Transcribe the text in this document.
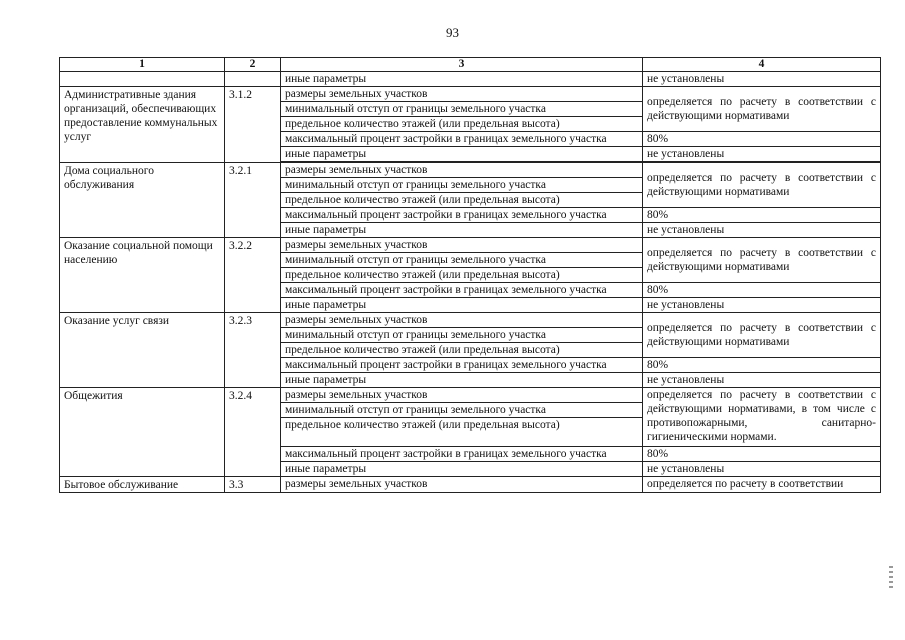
93
1	2	3	4
		иные параметры	не установлены
Административные здания организаций, обеспечивающих предоставление коммунальных услуг	3.1.2	размеры земельных участков	определяется по расчету в соответствии с действующими нормативами
		минимальный отступ от границы земельного участка	
		предельное количество этажей (или предельная высота)	
		максимальный процент застройки в границах земельного участка	80%
		иные параметры	не установлены

Дома социального обслуживания	3.2.1	размеры земельных участков	определяется по расчету в соответствии с действующими нормативами
		минимальный отступ от границы земельного участка	
		предельное количество этажей (или предельная высота)	
		максимальный процент застройки в границах земельного участка	80%
		иные параметры	не установлены
Оказание социальной помощи населению	3.2.2	размеры земельных участков	определяется по расчету в соответствии с действующими нормативами
		минимальный отступ от границы земельного участка	
		предельное количество этажей (или предельная высота)	
		максимальный процент застройки в границах земельного участка	80%
		иные параметры	не установлены
Оказание услуг связи	3.2.3	размеры земельных участков	определяется по расчету в соответствии с действующими нормативами
		минимальный отступ от границы земельного участка	
		предельное количество этажей (или предельная высота)	
		максимальный процент застройки в границах земельного участка	80%
		иные параметры	не установлены
Общежития	3.2.4	размеры земельных участков	определяется по расчету в соответствии с действующими нормативами, в том числе с противопожарными, санитарно-гигиеническими нормами.
		минимальный отступ от границы земельного участка	
		предельное количество этажей (или предельная высота)	
		максимальный процент застройки в границах земельного участка	80%
		иные параметры	не установлены
Бытовое обслуживание	3.3	размеры земельных участков	определяется по расчету в соответствии
